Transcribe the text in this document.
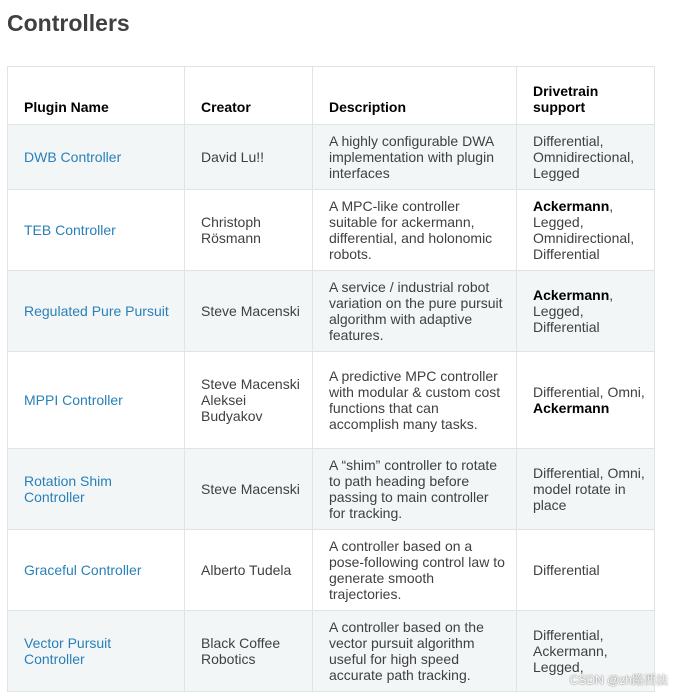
Controllers
Plugin Name	Creator	Description	Drivetrain support
DWB Controller	David Lu!!	A highly configurable DWA implementation with plugin interfaces	Differential, Omnidirectional, Legged
TEB Controller	Christoph Rösmann	A MPC-like controller suitable for ackermann, differential, and holonomic robots.	Ackermann, Legged, Omnidirectional, Differential
Regulated Pure Pursuit	Steve Macenski	A service / industrial robot variation on the pure pursuit algorithm with adaptive features.	Ackermann, Legged, Differential
MPPI Controller	Steve Macenski Aleksei Budyakov	A predictive MPC controller with modular & custom cost functions that can accomplish many tasks.	Differential, Omni, Ackermann
Rotation Shim Controller	Steve Macenski	A “shim” controller to rotate to path heading before passing to main controller for tracking.	Differential, Omni, model rotate in place
Graceful Controller	Alberto Tudela	A controller based on a pose-following control law to generate smooth trajectories.	Differential
Vector Pursuit Controller	Black Coffee Robotics	A controller based on the vector pursuit algorithm useful for high speed accurate path tracking.	Differential, Ackermann, Legged,
CSDN @zh路西法
